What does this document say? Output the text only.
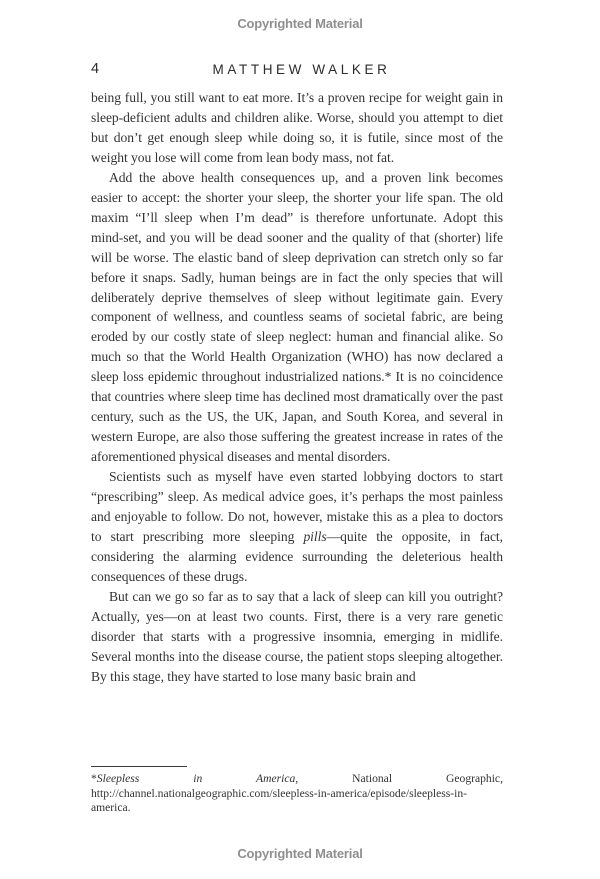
Copyrighted Material
4	MATTHEW WALKER

being full, you still want to eat more. It’s a proven recipe for weight gain in sleep-deficient adults and children alike. Worse, should you attempt to diet but don’t get enough sleep while doing so, it is futile, since most of the weight you lose will come from lean body mass, not fat.

Add the above health consequences up, and a proven link becomes easier to accept: the shorter your sleep, the shorter your life span. The old maxim “I’ll sleep when I’m dead” is therefore unfortunate. Adopt this mind-set, and you will be dead sooner and the quality of that (shorter) life will be worse. The elastic band of sleep deprivation can stretch only so far before it snaps. Sadly, human beings are in fact the only species that will deliberately deprive themselves of sleep without legitimate gain. Every component of wellness, and countless seams of societal fabric, are being eroded by our costly state of sleep neglect: human and financial alike. So much so that the World Health Organization (WHO) has now declared a sleep loss epidemic throughout industrialized nations.* It is no coincidence that countries where sleep time has declined most dramatically over the past century, such as the US, the UK, Japan, and South Korea, and several in western Europe, are also those suffering the greatest increase in rates of the aforementioned physical diseases and mental disorders.

Scientists such as myself have even started lobbying doctors to start “prescribing” sleep. As medical advice goes, it’s perhaps the most painless and enjoyable to follow. Do not, however, mistake this as a plea to doctors to start prescribing more sleeping pills—quite the opposite, in fact, considering the alarming evidence surrounding the deleterious health consequences of these drugs.

But can we go so far as to say that a lack of sleep can kill you outright? Actually, yes—on at least two counts. First, there is a very rare genetic disorder that starts with a progressive insomnia, emerging in midlife. Several months into the disease course, the patient stops sleeping altogether. By this stage, they have started to lose many basic brain and

*Sleepless in America, National Geographic, http://channel.nationalgeographic.com/sleepless-in-america/episode/sleepless-in-america.

Copyrighted Material
